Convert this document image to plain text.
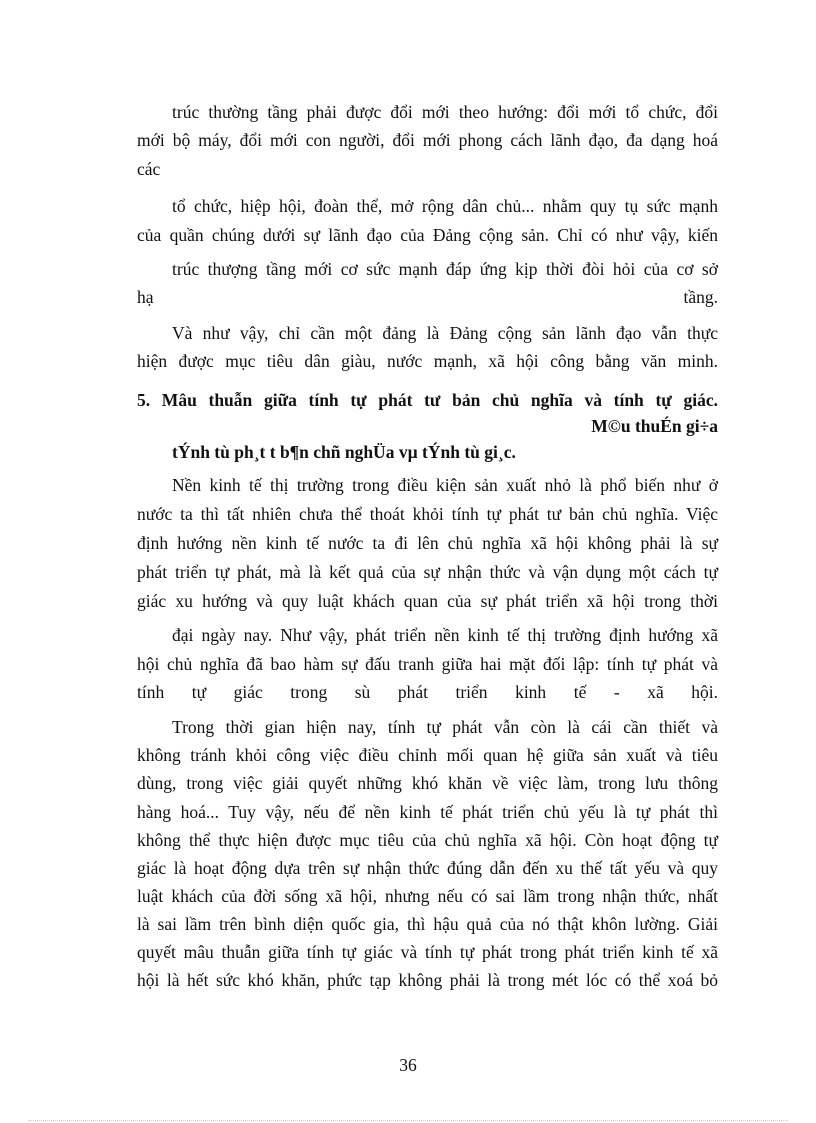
trúc thường tầng phải được đổi mới theo hướng: đổi mới tổ chức, đổi
mới bộ máy, đổi mới con người, đổi mới phong cách lãnh đạo, đa dạng hoá
các
tổ chức, hiệp hội, đoàn thể, mở rộng dân chủ... nhằm quy tụ sức mạnh
của quần chúng dưới sự lãnh đạo của Đảng cộng sản. Chỉ có như vậy, kiến
trúc thượng tầng mới cơ sức mạnh đáp ứng kịp thời đòi hỏi của cơ sở
hạ	tầng.
Và như vậy, chỉ cần một đảng là Đảng cộng sản lãnh đạo vẫn thực
hiện được mục tiêu dân giàu, nước mạnh, xã hội công bằng văn minh.
5. Mâu thuẫn giữa tính tự phát tư bản chủ nghĩa và tính tự giác.
M©u thuÉn gi÷a
tÝnh tù ph¸t t b¶n chñ nghÜa vµ tÝnh tù gi¸c.
Nền kinh tế thị trường trong điều kiện sản xuất nhỏ là phổ biến như ở
nước ta thì tất nhiên chưa thể thoát khỏi tính tự phát tư bản chủ nghĩa. Việc
định hướng nền kinh tế nước ta đi lên chủ nghĩa xã hội không phải là sự
phát triển tự phát, mà là kết quả của sự nhận thức và vận dụng một cách tự
giác xu hướng và quy luật khách quan của sự phát triển xã hội trong thời
đại ngày nay. Như vậy, phát triển nền kinh tế thị trường định hướng xã
hội chủ nghĩa đã bao hàm sự đấu tranh giữa hai mặt đối lập: tính tự phát và
tính tự giác trong sù phát triển kinh tế - xã hội.
Trong thời gian hiện nay, tính tự phát vẫn còn là cái cần thiết và
không tránh khỏi công việc điều chỉnh mối quan hệ giữa sản xuất và tiêu
dùng, trong việc giải quyết những khó khăn về việc làm, trong lưu thông
hàng hoá... Tuy vậy, nếu để nền kinh tế phát triển chủ yếu là tự phát thì
không thể thực hiện được mục tiêu của chủ nghĩa xã hội. Còn hoạt động tự
giác là hoạt động dựa trên sự nhận thức đúng dẫn đến xu thế tất yếu và quy
luật khách của đời sống xã hội, nhưng nếu có sai lầm trong nhận thức, nhất
là sai lầm trên bình diện quốc gia, thì hậu quả của nó thật khôn lường. Giải
quyết mâu thuẫn giữa tính tự giác và tính tự phát trong phát triển kinh tế xã
hội là hết sức khó khăn, phức tạp không phải là trong mét lóc có thể xoá bỏ
36
